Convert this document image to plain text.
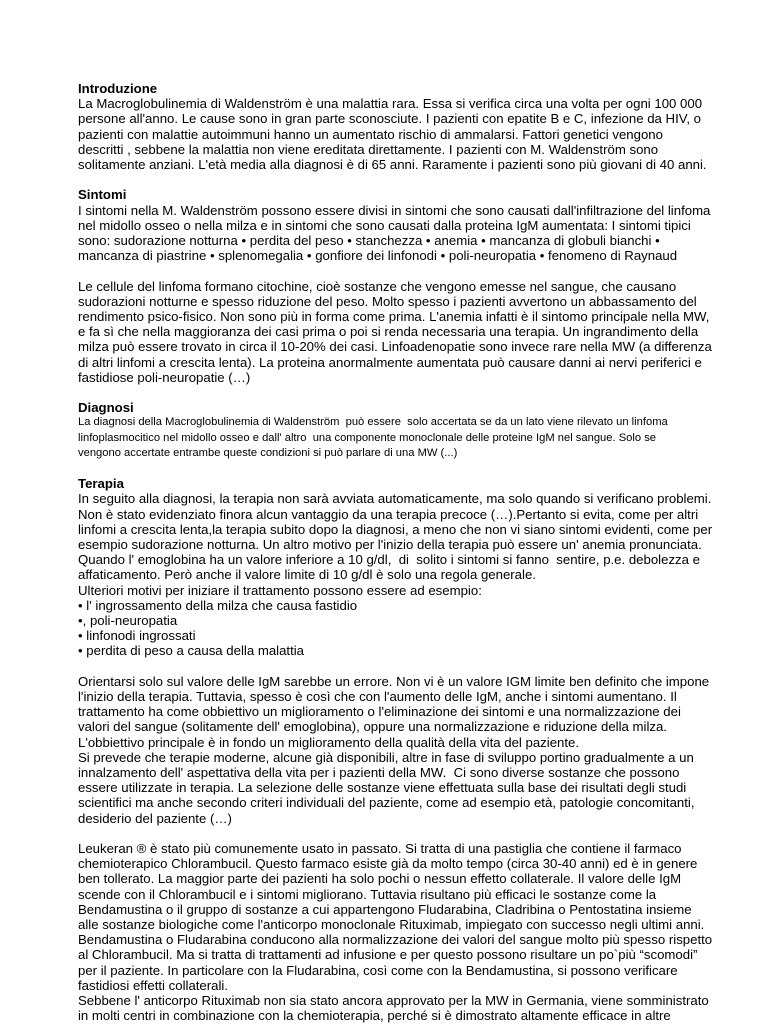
Introduzione
La Macroglobulinemia di Waldenström è una malattia rara. Essa si verifica circa una volta per ogni 100 000
persone all'anno. Le cause sono in gran parte sconosciute. I pazienti con epatite B e C, infezione da HIV, o
pazienti con malattie autoimmuni hanno un aumentato rischio di ammalarsi. Fattori genetici vengono
descritti , sebbene la malattia non viene ereditata direttamente. I pazienti con M. Waldenström sono
solitamente anziani. L'età media alla diagnosi è di 65 anni. Raramente i pazienti sono più giovani di 40 anni.
Sintomi
I sintomi nella M. Waldenström possono essere divisi in sintomi che sono causati dall'infiltrazione del linfoma
nel midollo osseo o nella milza e in sintomi che sono causati dalla proteina IgM aumentata: I sintomi tipici
sono: sudorazione notturna • perdita del peso • stanchezza • anemia • mancanza di globuli bianchi •
mancanza di piastrine • splenomegalia • gonfiore dei linfonodi • poli-neuropatia • fenomeno di Raynaud
Le cellule del linfoma formano citochine, cioè sostanze che vengono emesse nel sangue, che causano
sudorazioni notturne e spesso riduzione del peso. Molto spesso i pazienti avvertono un abbassamento del
rendimento psico-fisico. Non sono più in forma come prima. L'anemia infatti è il sintomo principale nella MW,
e fa sì che nella maggioranza dei casi prima o poi si renda necessaria una terapia. Un ingrandimento della
milza può essere trovato in circa il 10-20% dei casi. Linfoadenopatie sono invece rare nella MW (a differenza
di altri linfomi a crescita lenta). La proteina anormalmente aumentata può causare danni ai nervi periferici e
fastidiose poli-neuropatie (…)
Diagnosi
La diagnosi della Macroglobulinemia di Waldenström  può essere  solo accertata se da un lato viene rilevato un linfoma
linfoplasmocitico nel midollo osseo e dall' altro  una componente monoclonale delle proteine IgM nel sangue. Solo se
vengono accertate entrambe queste condizioni si può parlare di una MW (...)
Terapia
In seguito alla diagnosi, la terapia non sarà avviata automaticamente, ma solo quando si verificano problemi.
Non è stato evidenziato finora alcun vantaggio da una terapia precoce (…).Pertanto si evita, come per altri
linfomi a crescita lenta,la terapia subito dopo la diagnosi, a meno che non vi siano sintomi evidenti, come per
esempio sudorazione notturna. Un altro motivo per l'inizio della terapia può essere un' anemia pronunciata.
Quando l' emoglobina ha un valore inferiore a 10 g/dl,  di  solito i sintomi si fanno  sentire, p.e. debolezza e
affaticamento. Però anche il valore limite di 10 g/dl è solo una regola generale.
Ulteriori motivi per iniziare il trattamento possono essere ad esempio:
• l' ingrossamento della milza che causa fastidio
•, poli-neuropatia
• linfonodi ingrossati
• perdita di peso a causa della malattia
Orientarsi solo sul valore delle IgM sarebbe un errore. Non vi è un valore IGM limite ben definito che impone
l'inizio della terapia. Tuttavia, spesso è così che con l'aumento delle IgM, anche i sintomi aumentano. Il
trattamento ha come obbiettivo un miglioramento o l'eliminazione dei sintomi e una normalizzazione dei
valori del sangue (solitamente dell' emoglobina), oppure una normalizzazione e riduzione della milza.
L'obbiettivo principale è in fondo un miglioramento della qualità della vita del paziente.
Si prevede che terapie moderne, alcune già disponibili, altre in fase di sviluppo portino gradualmente a un
innalzamento dell' aspettativa della vita per i pazienti della MW.  Ci sono diverse sostanze che possono
essere utilizzate in terapia. La selezione delle sostanze viene effettuata sulla base dei risultati degli studi
scientifici ma anche secondo criteri individuali del paziente, come ad esempio età, patologie concomitanti,
desiderio del paziente (…)
Leukeran ® è stato più comunemente usato in passato. Si tratta di una pastiglia che contiene il farmaco
chemioterapico Chlorambucil. Questo farmaco esiste già da molto tempo (circa 30-40 anni) ed è in genere
ben tollerato. La maggior parte dei pazienti ha solo pochi o nessun effetto collaterale. Il valore delle IgM
scende con il Chlorambucil e i sintomi migliorano. Tuttavia risultano più efficaci le sostanze come la
Bendamustina o il gruppo di sostanze a cui appartengono Fludarabina, Cladribina o Pentostatina insieme
alle sostanze biologiche come l'anticorpo monoclonale Rituximab, impiegato con successo negli ultimi anni.
Bendamustina o Fludarabina conducono alla normalizzazione dei valori del sangue molto più spesso rispetto
al Chlorambucil. Ma si tratta di trattamenti ad infusione e per questo possono risultare un po`più “scomodi”
per il paziente. In particolare con la Fludarabina, così come con la Bendamustina, si possono verificare
fastidiosi effetti collaterali.
Sebbene l' anticorpo Rituximab non sia stato ancora approvato per la MW in Germania, viene somministrato
in molti centri in combinazione con la chemioterapia, perché si è dimostrato altamente efficace in altre
